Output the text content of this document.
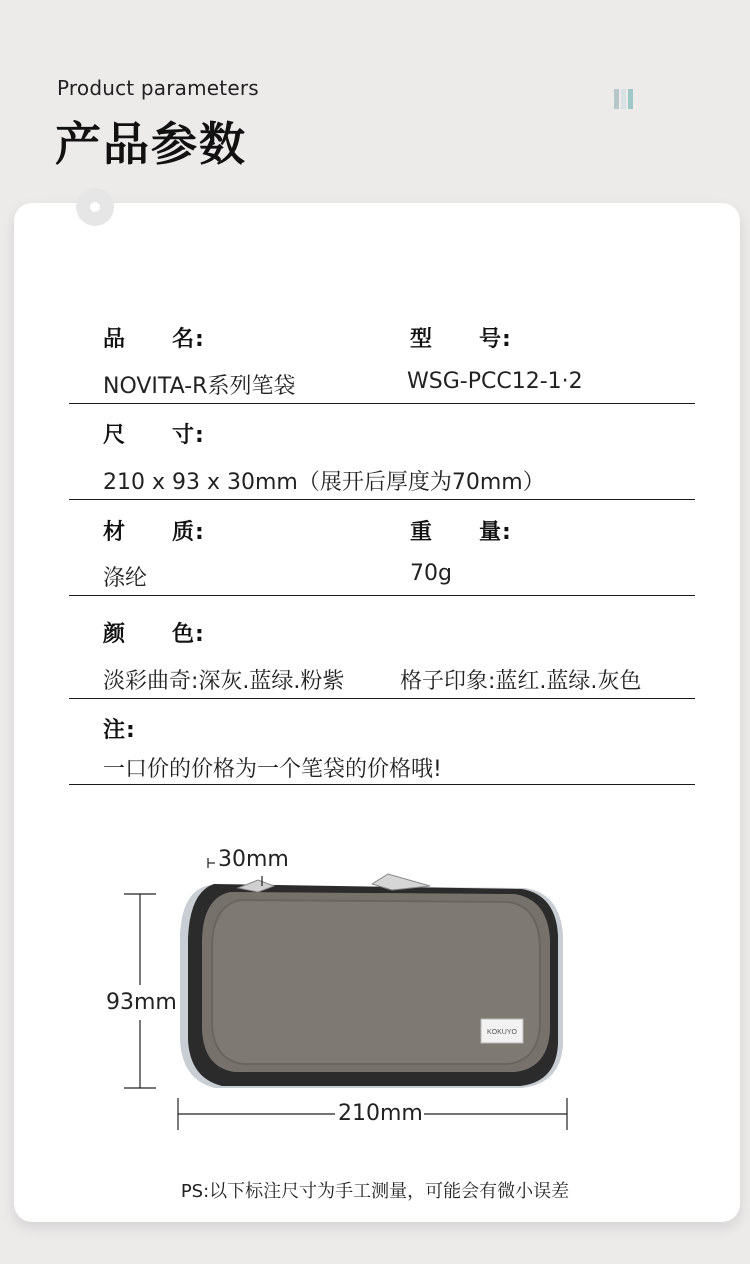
Product parameters
产品参数
品　　名:	型　　号:
NOVITA-R系列笔袋	WSG-PCC12-1·2
尺　　寸:
210 x 93 x 30mm（展开后厚度为70mm）
材　　质:	重　　量:
涤纶	70g
颜　　色:
淡彩曲奇:深灰.蓝绿.粉紫	格子印象:蓝红.蓝绿.灰色
注:
一口价的价格为一个笔袋的价格哦!
KOKUYO
30mm
93mm
210mm
PS:以下标注尺寸为手工测量，可能会有微小误差
